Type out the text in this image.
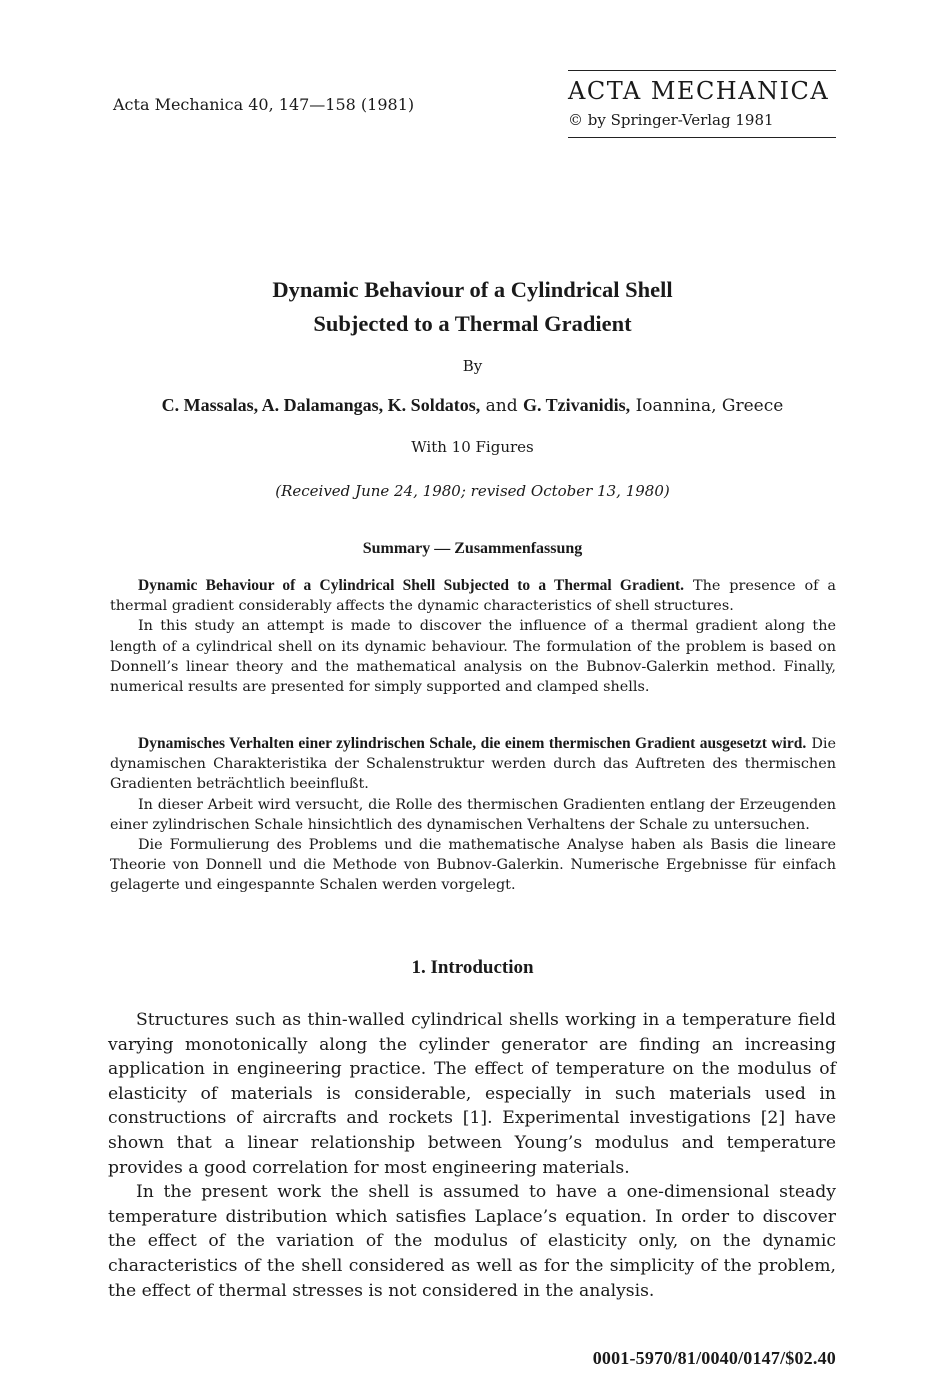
Acta Mechanica 40, 147—158 (1981)	ACTA MECHANICA
© by Springer-Verlag 1981
Dynamic Behaviour of a Cylindrical Shell
Subjected to a Thermal Gradient
By
C. Massalas, A. Dalamangas, K. Soldatos, and G. Tzivanidis, Ioannina, Greece
With 10 Figures
(Received June 24, 1980; revised October 13, 1980)
Summary — Zusammenfassung

Dynamic Behaviour of a Cylindrical Shell Subjected to a Thermal Gradient. The presence of a thermal gradient considerably affects the dynamic characteristics of shell structures.

In this study an attempt is made to discover the influence of a thermal gradient along the length of a cylindrical shell on its dynamic behaviour. The formulation of the problem is based on Donnell’s linear theory and the mathematical analysis on the Bubnov-Galerkin method. Finally, numerical results are presented for simply supported and clamped shells.

Dynamisches Verhalten einer zylindrischen Schale, die einem thermischen Gradient ausgesetzt wird. Die dynamischen Charakteristika der Schalenstruktur werden durch das Auftreten des thermischen Gradienten beträchtlich beeinflußt.

In dieser Arbeit wird versucht, die Rolle des thermischen Gradienten entlang der Erzeugenden einer zylindrischen Schale hinsichtlich des dynamischen Verhaltens der Schale zu untersuchen.

Die Formulierung des Problems und die mathematische Analyse haben als Basis die lineare Theorie von Donnell und die Methode von Bubnov-Galerkin. Numerische Ergebnisse für einfach gelagerte und eingespannte Schalen werden vorgelegt.

1. Introduction

Structures such as thin-walled cylindrical shells working in a temperature field varying monotonically along the cylinder generator are finding an increasing application in engineering practice. The effect of temperature on the modulus of elasticity of materials is considerable, especially in such materials used in constructions of aircrafts and rockets [1]. Experimental investigations [2] have shown that a linear relationship between Young’s modulus and temperature provides a good correlation for most engineering materials.

In the present work the shell is assumed to have a one-dimensional steady temperature distribution which satisfies Laplace’s equation. In order to discover the effect of the variation of the modulus of elasticity only, on the dynamic characteristics of the shell considered as well as for the simplicity of the problem, the effect of thermal stresses is not considered in the analysis.

0001-5970/81/0040/0147/$02.40
